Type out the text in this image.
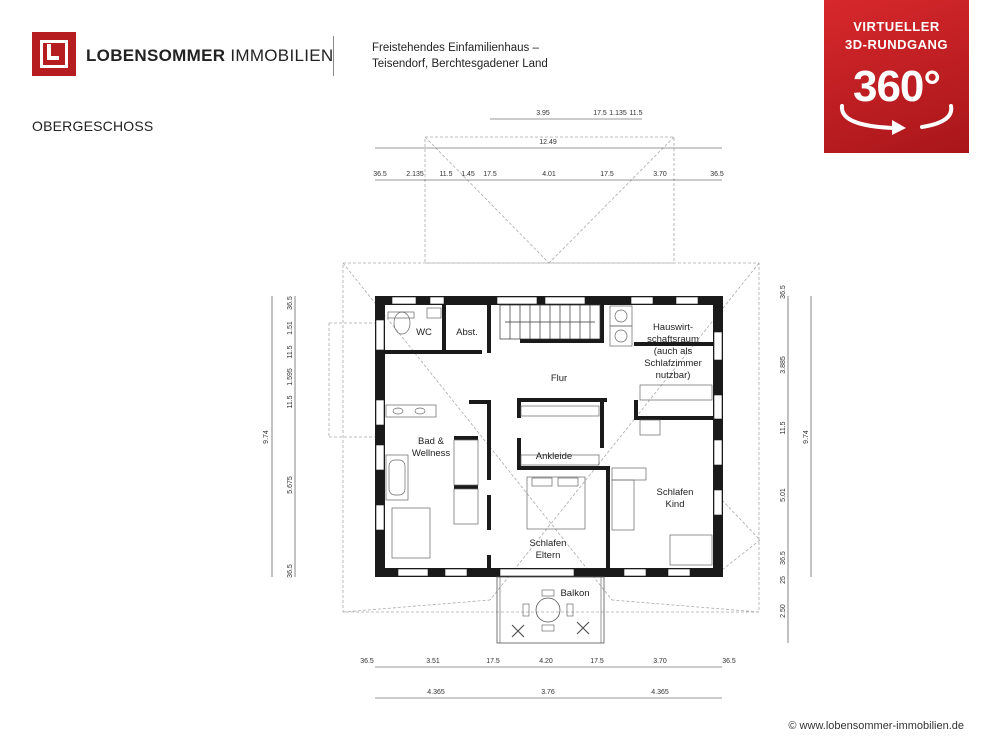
LOBENSOMMER IMMOBILIEN	Freistehendes Einfamilienhaus –
Teisendorf, Berchtesgadener Land
OBERGESCHOSS
VIRTUELLER
3D-RUNDGANG
360°
WC	Abst.	Hauswirt-
schaftsraum
(auch als
Schlafzimmer
nutzbar)
Flur
Bad &
Wellness	Ankleide
Schlafen
Kind
Schlafen
Eltern
Balkon
3.95	17.5 1.135 11.5
12.49
36.5	2.135 11.5 1.45 17.5	4.01	17.5	3.70	36.5
36.5	3.51	17.5	4.20	17.5	3.70	36.5
4.365	3.76	4.365
9.74
36.5
1.51
11.5
1.595
11.5
5.675
36.5
36.5
3.885
11.5
5.01
36.5
25
2.50
9.74
© www.lobensommer-immobilien.de
